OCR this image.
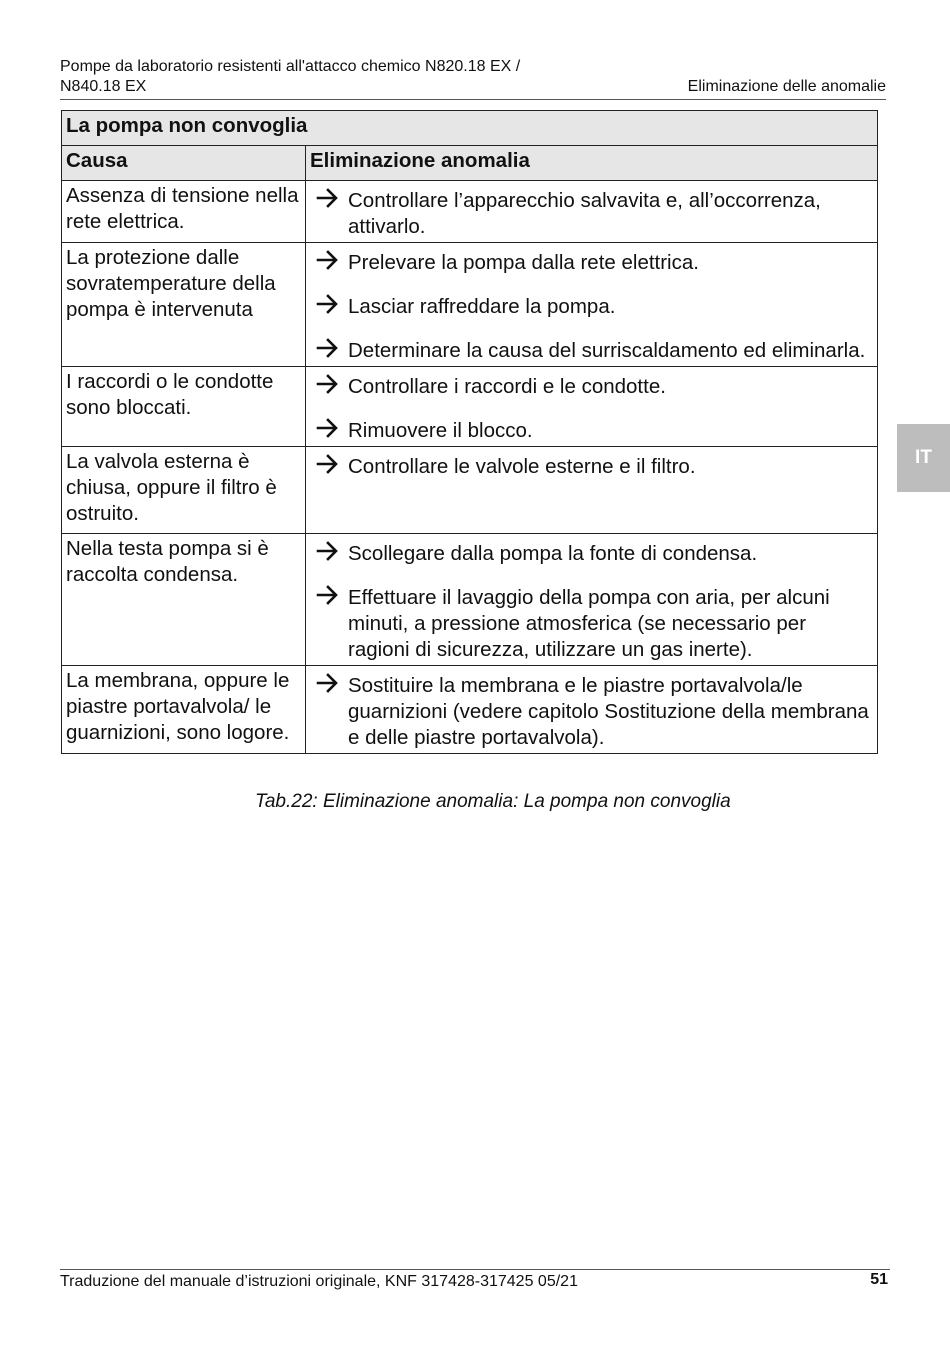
Pompe da laboratorio resistenti all'attacco chemico N820.18 EX /
N840.18 EX	Eliminazione delle anomalie
IT
La pompa non convoglia	
Causa	Eliminazione anomalia
Assenza di tensione nella rete elettrica.	Controllare l’apparecchio salvavita e, all’occorrenza, attivarlo.

La protezione dalle sovratemperature della pompa è intervenuta	Prelevare la pompa dalla rete elettrica.
Lasciar raffreddare la pompa.
Determinare la causa del surriscaldamento ed eliminarla.

I raccordi o le condotte sono bloccati.	Controllare i raccordi e le condotte.
Rimuovere il blocco.

La valvola esterna è chiusa, oppure il filtro è ostruito.	Controllare le valvole esterne e il filtro.

Nella testa pompa si è raccolta condensa.	Scollegare dalla pompa la fonte di condensa.
Effettuare il lavaggio della pompa con aria, per alcuni minuti, a pressione atmosferica (se necessario per ragioni di sicurezza, utilizzare un gas inerte).

La membrana, oppure le piastre portavalvola/ le guarnizioni, sono logore.	Sostituire la membrana e le piastre portavalvola/le guarnizioni (vedere capitolo Sostituzione della membrana e delle piastre portavalvola).
Tab.22: Eliminazione anomalia: La pompa non convoglia
Traduzione del manuale d’istruzioni originale, KNF 317428-317425 05/21	51
